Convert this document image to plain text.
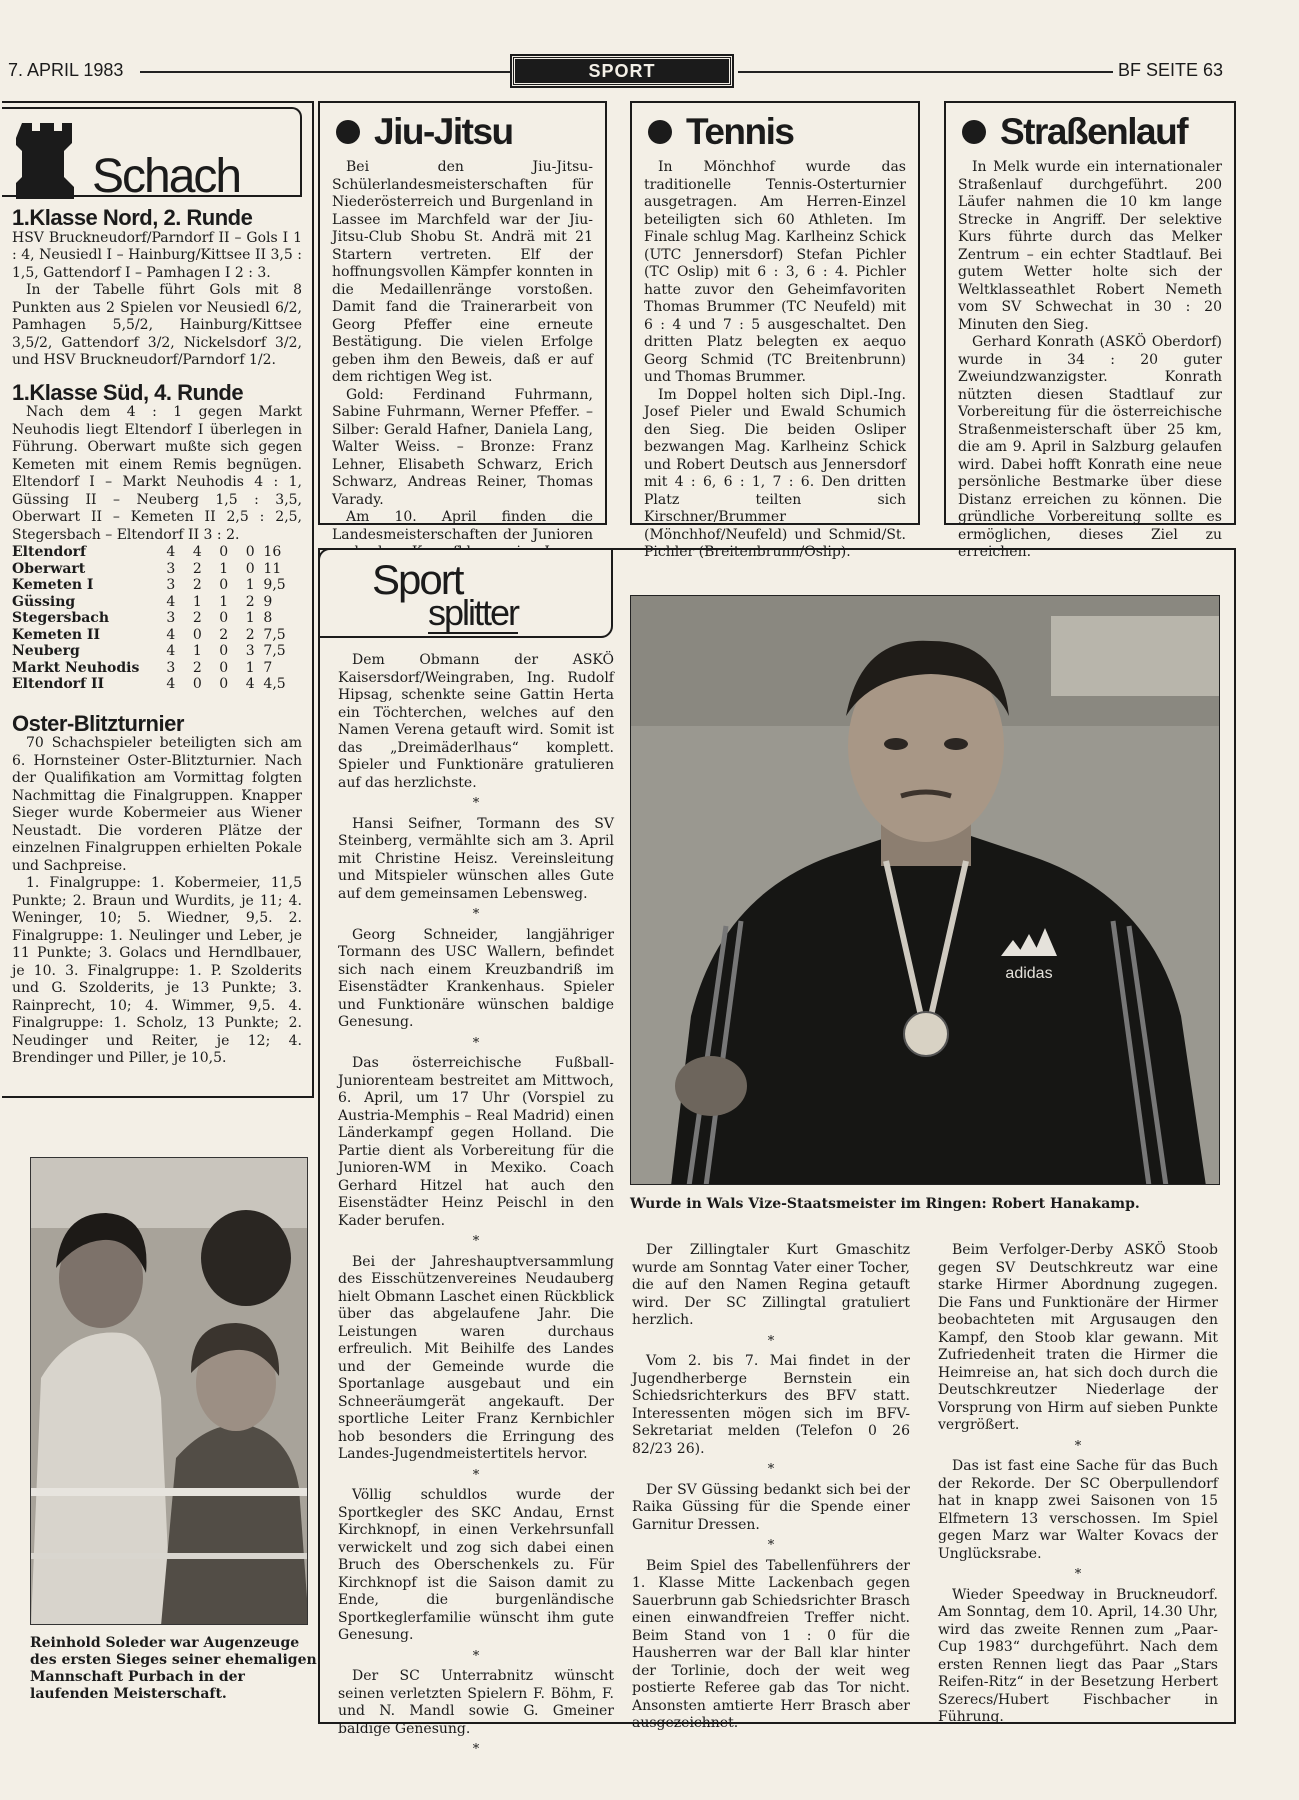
7. APRIL 1983	SPORT	BF SEITE 63
Schach
1.Klasse Nord, 2. Runde

HSV Bruckneudorf/Parndorf II – Gols I 1 : 4, Neusiedl I – Hainburg/Kittsee II 3,5 : 1,5, Gattendorf I – Pamhagen I 2 : 3.

In der Tabelle führt Gols mit 8 Punkten aus 2 Spielen vor Neusiedl 6/2, Pamhagen 5,5/2, Hainburg/Kittsee 3,5/2, Gattendorf 3/2, Nickelsdorf 3/2, und HSV Bruckneudorf/Parndorf 1/2.

1.Klasse Süd, 4. Runde

Nach dem 4 : 1 gegen Markt Neuhodis liegt Eltendorf I überlegen in Führung. Oberwart mußte sich gegen Kemeten mit einem Remis begnügen. Eltendorf I – Markt Neuhodis 4 : 1, Güssing II – Neuberg 1,5 : 3,5, Oberwart II – Kemeten II 2,5 : 2,5, Stegersbach – Eltendorf II 3 : 2.

Eltendorf	4	4	0	0	16
Oberwart	3	2	1	0	11
Kemeten I	3	2	0	1	9,5
Güssing	4	1	1	2	9
Stegersbach	3	2	0	1	8
Kemeten II	4	0	2	2	7,5
Neuberg	4	1	0	3	7,5
Markt Neuhodis	3	2	0	1	7
Eltendorf II	4	0	0	4	4,5
Oster-Blitzturnier

70 Schachspieler beteiligten sich am 6. Hornsteiner Oster-Blitzturnier. Nach der Qualifikation am Vormittag folgten Nachmittag die Finalgruppen. Knapper Sieger wurde Kobermeier aus Wiener Neustadt. Die vorderen Plätze der einzelnen Finalgruppen erhielten Pokale und Sachpreise.

1. Finalgruppe: 1. Kobermeier, 11,5 Punkte; 2. Braun und Wurdits, je 11; 4. Weninger, 10; 5. Wiedner, 9,5. 2. Finalgruppe: 1. Neulinger und Leber, je 11 Punkte; 3. Golacs und Herndlbauer, je 10. 3. Finalgruppe: 1. P. Szolderits und G. Szolderits, je 13 Punkte; 3. Rainprecht, 10; 4. Wimmer, 9,5. 4. Finalgruppe: 1. Scholz, 13 Punkte; 2. Neudinger und Reiter, je 12; 4. Brendinger und Piller, je 10,5.

Jiu-Jitsu

Bei den Jiu-Jitsu-Schülerlandesmeisterschaften für Niederösterreich und Burgenland in Lassee im Marchfeld war der Jiu-Jitsu-Club Shobu St. Andrä mit 21 Startern vertreten. Elf der hoffnungsvollen Kämpfer konnten in die Medaillenränge vorstoßen. Damit fand die Trainerarbeit von Georg Pfeffer eine erneute Bestätigung. Die vielen Erfolge geben ihm den Beweis, daß er auf dem richtigen Weg ist.

Gold: Ferdinand Fuhrmann, Sabine Fuhrmann, Werner Pfeffer. – Silber: Gerald Hafner, Daniela Lang, Walter Weiss. – Bronze: Franz Lehner, Elisabeth Schwarz, Erich Schwarz, Andreas Reiner, Thomas Varady.

Am 10. April finden die Landesmeisterschaften der Junioren

Tennis

In Mönchhof wurde das traditionelle Tennis-Osterturnier ausgetragen. Am Herren-Einzel beteiligten sich 60 Athleten. Im Finale schlug Mag. Karlheinz Schick (UTC Jennersdorf) Stefan Pichler (TC Oslip) mit 6 : 3, 6 : 4. Pichler hatte zuvor den Geheimfavoriten Thomas Brummer (TC Neufeld) mit 6 : 4 und 7 : 5 ausgeschaltet. Den dritten Platz belegten ex aequo Georg Schmid (TC Breitenbrunn) und Thomas Brummer.

Im Doppel holten sich Dipl.-Ing. Josef Pieler und Ewald Schumich den Sieg. Die beiden Osliper bezwangen Mag. Karlheinz Schick und Robert Deutsch aus Jennersdorf mit 4 : 6, 6 : 1, 7 : 6. Den dritten Platz teilten sich Kirschner/Brummer (Mönchhof/Neufeld) und Schmid/St. Pichler (Breitenbrunn/Oslip).

Straßenlauf

In Melk wurde ein internationaler Straßenlauf durchgeführt. 200 Läufer nahmen die 10 km lange Strecke in Angriff. Der selektive Kurs führte durch das Melker Zentrum – ein echter Stadtlauf. Bei gutem Wetter holte sich der Weltklasseathlet Robert Nemeth vom SV Schwechat in 30 : 20 Minuten den Sieg.

Gerhard Konrath (ASKÖ Oberdorf) wurde in 34 : 20 guter Zweiundzwanzigster. Konrath nützten diesen Stadtlauf zur Vorbereitung für die österreichische Straßenmeisterschaft über 25 km, die am 9. April in Salzburg gelaufen wird. Dabei hofft Konrath eine neue persönliche Bestmarke über diese Distanz erreichen zu können. Die gründliche Vorbereitung sollte es ermöglichen, dieses Ziel zu erreichen.

Sport
splitter

Dem Obmann der ASKÖ Kaisersdorf/Weingraben, Ing. Rudolf Hipsag, schenkte seine Gattin Herta ein Töchterchen, welches auf den Namen Verena getauft wird. Somit ist das „Dreimäderlhaus“ komplett. Spieler und Funktionäre gratulieren auf das herzlichste.

*

Hansi Seifner, Tormann des SV Steinberg, vermählte sich am 3. April mit Christine Heisz. Vereinsleitung und Mitspieler wünschen alles Gute auf dem gemeinsamen Lebensweg.

*

Georg Schneider, langjähriger Tormann des USC Wallern, befindet sich nach einem Kreuzbandriß im Eisenstädter Krankenhaus. Spieler und Funktionäre wünschen baldige Genesung.

*

Das österreichische Fußball-Juniorenteam bestreitet am Mittwoch, 6. April, um 17 Uhr (Vorspiel zu Austria-Memphis – Real Madrid) einen Länderkampf gegen Holland. Die Partie dient als Vorbereitung für die Junioren-WM in Mexiko. Coach Gerhard Hitzel hat auch den Eisenstädter Heinz Peischl in den Kader berufen.

*

Bei der Jahreshauptversammlung des Eisschützenvereines Neudauberg hielt Obmann Laschet einen Rückblick über das abgelaufene Jahr. Die Leistungen waren durchaus erfreulich. Mit Beihilfe des Landes und der Gemeinde wurde die Sportanlage ausgebaut und ein Schneeräumgerät angekauft. Der sportliche Leiter Franz Kernbichler hob besonders die Erringung des Landes-Jugendmeistertitels hervor.

*

Völlig schuldlos wurde der Sportkegler des SKC Andau, Ernst Kirchknopf, in einen Verkehrsunfall verwickelt und zog sich dabei einen Bruch des Oberschenkels zu. Für Kirchknopf ist die Saison damit zu Ende, die burgenländische Sportkeglerfamilie wünscht ihm gute Genesung.

*

Der SC Unterrabnitz wünscht seinen verletzten Spielern F. Böhm, F. und N. Mandl sowie G. Gmeiner baldige Genesung.

*
adidas
Wurde in Wals Vize-Staatsmeister im Ringen: Robert Hanakamp.

Der Zillingtaler Kurt Gmaschitz wurde am Sonntag Vater einer Tocher, die auf den Namen Regina getauft wird. Der SC Zillingtal gratuliert herzlich.

*

Vom 2. bis 7. Mai findet in der Jugendherberge Bernstein ein Schiedsrichterkurs des BFV statt. Interessenten mögen sich im BFV-Sekretariat melden (Telefon 0 26 82/23 26).

*

Der SV Güssing bedankt sich bei der Raika Güssing für die Spende einer Garnitur Dressen.

*

Beim Spiel des Tabellenführers der 1. Klasse Mitte Lackenbach gegen Sauerbrunn gab Schiedsrichter Brasch einen einwandfreien Treffer nicht. Beim Stand von 1 : 0 für die Hausherren war der Ball klar hinter der Torlinie, doch der weit weg postierte Referee gab das Tor nicht. Ansonsten amtierte Herr Brasch aber ausgezeichnet.

Beim Verfolger-Derby ASKÖ Stoob gegen SV Deutschkreutz war eine starke Hirmer Abordnung zugegen. Die Fans und Funktionäre der Hirmer beobachteten mit Argusaugen den Kampf, den Stoob klar gewann. Mit Zufriedenheit traten die Hirmer die Heimreise an, hat sich doch durch die Deutschkreutzer Niederlage der Vorsprung von Hirm auf sieben Punkte vergrößert.

*

Das ist fast eine Sache für das Buch der Rekorde. Der SC Oberpullendorf hat in knapp zwei Saisonen von 15 Elfmetern 13 verschossen. Im Spiel gegen Marz war Walter Kovacs der Unglücksrabe.

*

Wieder Speedway in Bruckneudorf. Am Sonntag, dem 10. April, 14.30 Uhr, wird das zweite Rennen zum „Paar-Cup 1983“ durchgeführt. Nach dem ersten Rennen liegt das Paar „Stars Reifen-Ritz“ in der Besetzung Herbert Szerecs/Hubert Fischbacher in Führung.

Reinhold Soleder war Augenzeuge des ersten Sieges seiner ehemaligen Mannschaft Purbach in der laufenden Meisterschaft.
